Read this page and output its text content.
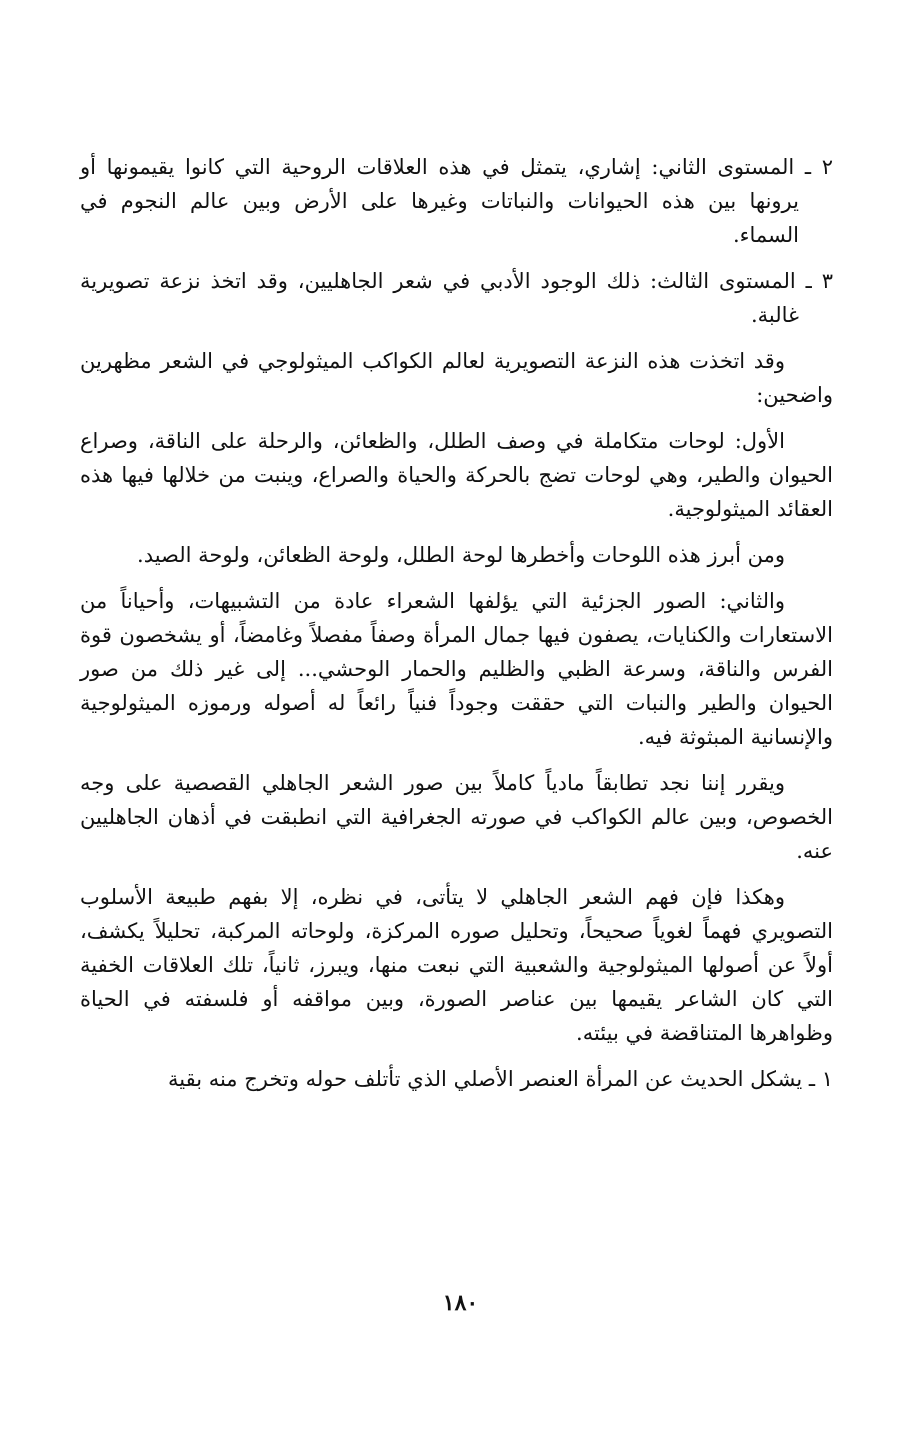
٢ ـ المستوى الثاني: إشاري، يتمثل في هذه العلاقات الروحية التي كانوا يقيمونها أو يرونها بين هذه الحيوانات والنباتات وغيرها على الأرض وبين عالم النجوم في السماء.

٣ ـ المستوى الثالث: ذلك الوجود الأدبي في شعر الجاهليين، وقد اتخذ نزعة تصويرية غالبة.

وقد اتخذت هذه النزعة التصويرية لعالم الكواكب الميثولوجي في الشعر مظهرين واضحين:

الأول: لوحات متكاملة في وصف الطلل، والظعائن، والرحلة على الناقة، وصراع الحيوان والطير، وهي لوحات تضج بالحركة والحياة والصراع، وينبت من خلالها فيها هذه العقائد الميثولوجية.

ومن أبرز هذه اللوحات وأخطرها لوحة الطلل، ولوحة الظعائن، ولوحة الصيد.

والثاني: الصور الجزئية التي يؤلفها الشعراء عادة من التشبيهات، وأحياناً من الاستعارات والكنايات، يصفون فيها جمال المرأة وصفاً مفصلاً وغامضاً، أو يشخصون قوة الفرس والناقة، وسرعة الظبي والظليم والحمار الوحشي... إلى غير ذلك من صور الحيوان والطير والنبات التي حققت وجوداً فنياً رائعاً له أصوله ورموزه الميثولوجية والإنسانية المبثوثة فيه.

ويقرر إننا نجد تطابقاً مادياً كاملاً بين صور الشعر الجاهلي القصصية على وجه الخصوص، وبين عالم الكواكب في صورته الجغرافية التي انطبقت في أذهان الجاهليين عنه.

وهكذا فإن فهم الشعر الجاهلي لا يتأتى، في نظره، إلا بفهم طبيعة الأسلوب التصويري فهماً لغوياً صحيحاً، وتحليل صوره المركزة، ولوحاته المركبة، تحليلاً يكشف، أولاً عن أصولها الميثولوجية والشعبية التي نبعت منها، ويبرز، ثانياً، تلك العلاقات الخفية التي كان الشاعر يقيمها بين عناصر الصورة، وبين مواقفه أو فلسفته في الحياة وظواهرها المتناقضة في بيئته.

١ ـ يشكل الحديث عن المرأة العنصر الأصلي الذي تأتلف حوله وتخرج منه بقية

١٨٠
